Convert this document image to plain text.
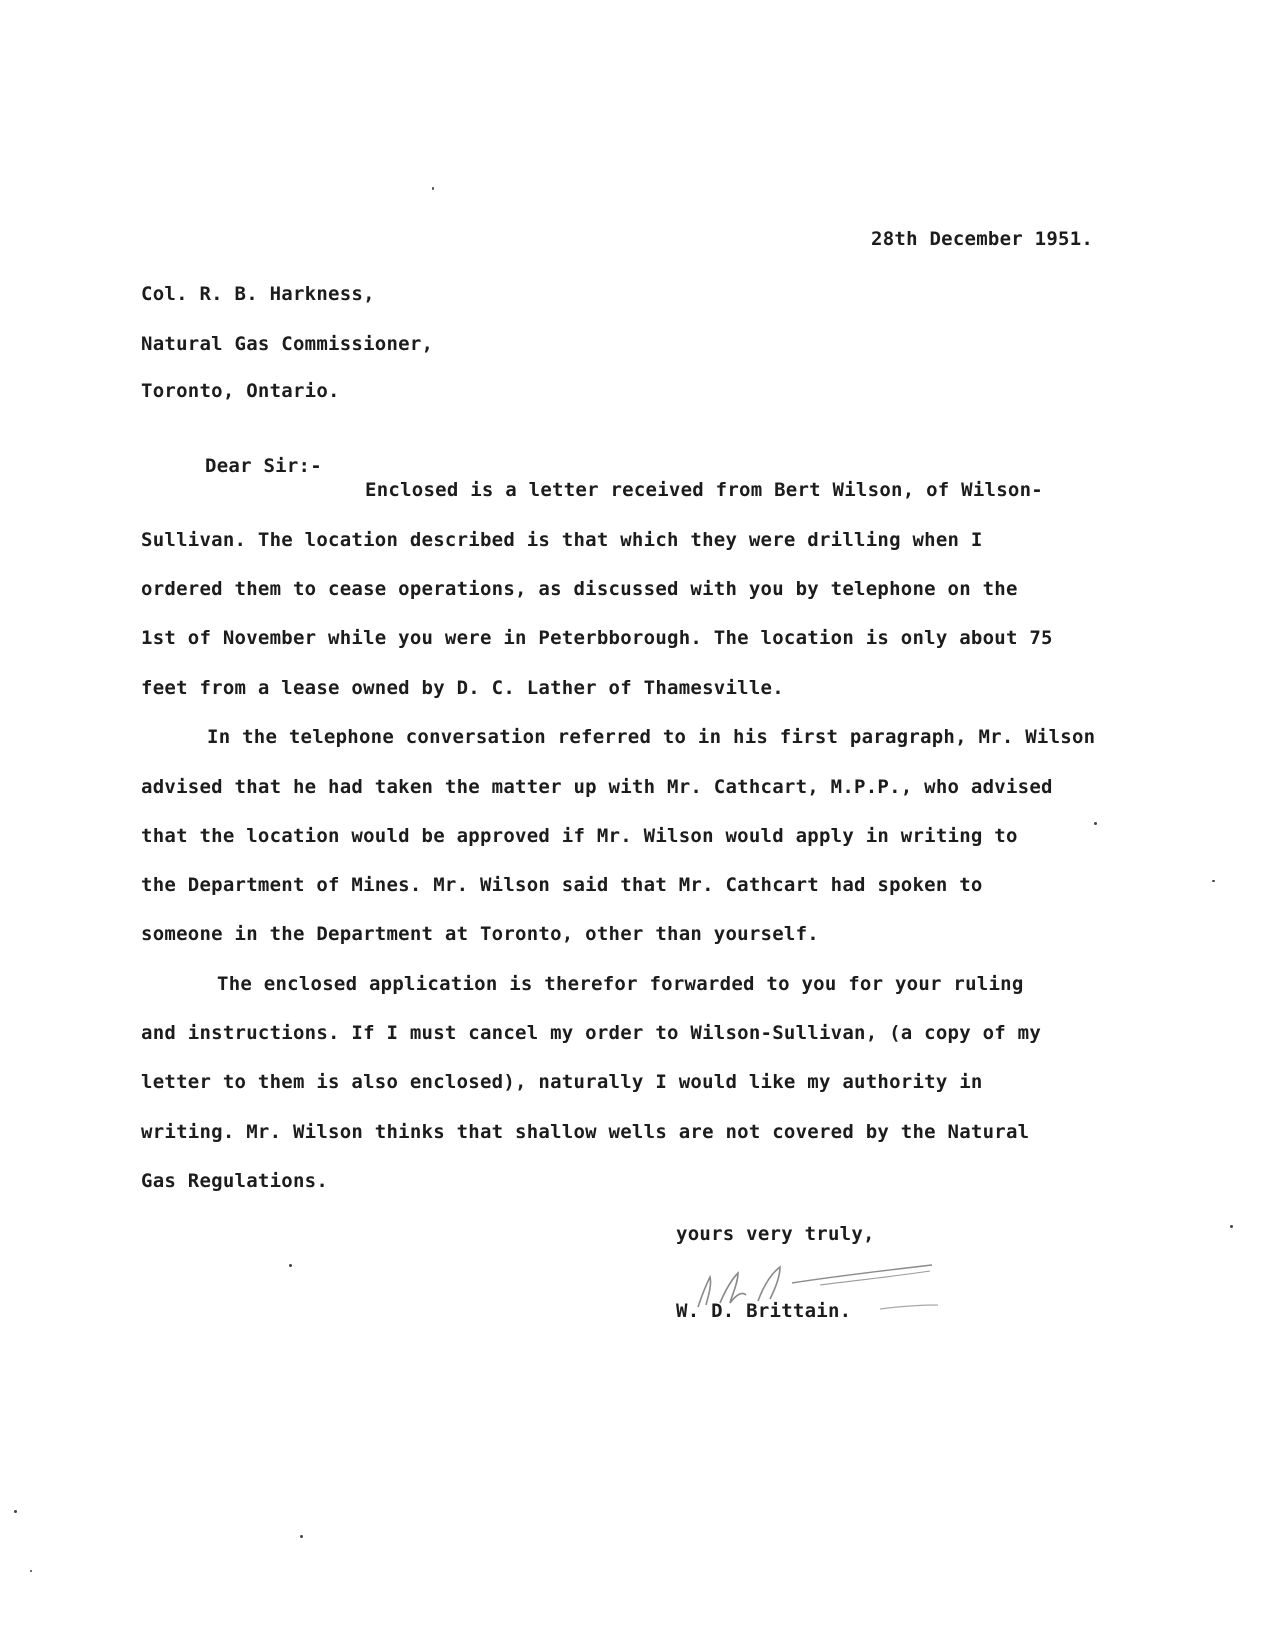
28th December 1951.
Col. R. B. Harkness,
Natural Gas Commissioner,
Toronto, Ontario.
Dear Sir:-
Enclosed is a letter received from Bert Wilson, of Wilson-
Sullivan. The location described is that which they were drilling when I
ordered them to cease operations, as discussed with you by telephone on the
1st of November while you were in Peterbborough. The location is only about 75
feet from a lease owned by D. C. Lather of Thamesville.
In the telephone conversation referred to in his first paragraph, Mr. Wilson
advised that he had taken the matter up with Mr. Cathcart, M.P.P., who advised
that the location would be approved if Mr. Wilson would apply in writing to
the Department of Mines. Mr. Wilson said that Mr. Cathcart had spoken to
someone in the Department at Toronto, other than yourself.
The enclosed application is therefor forwarded to you for your ruling
and instructions. If I must cancel my order to Wilson-Sullivan, (a copy of my
letter to them is also enclosed), naturally I would like my authority in
writing. Mr. Wilson thinks that shallow wells are not covered by the Natural
Gas Regulations.
yours very truly,
W. D. Brittain.
